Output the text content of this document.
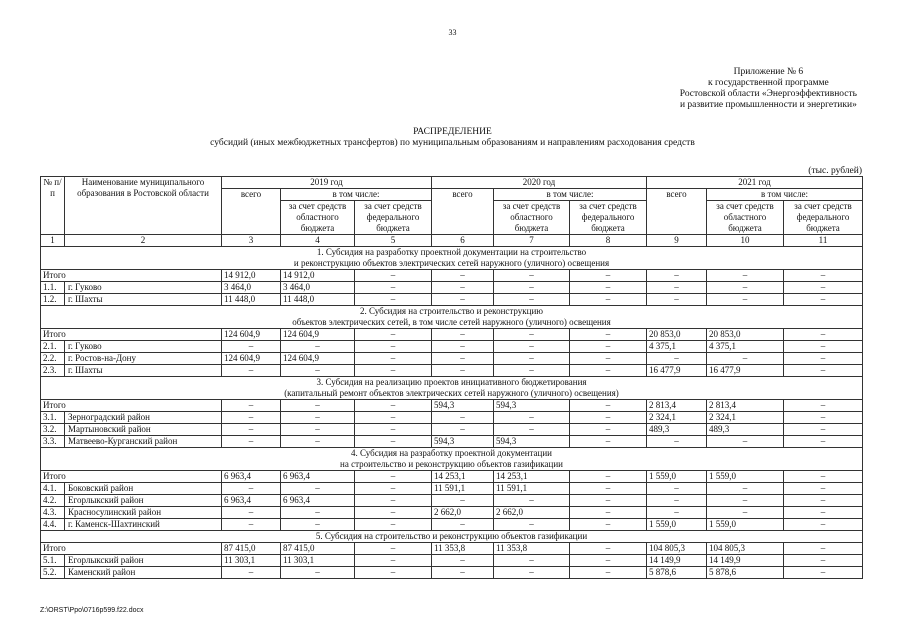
33
Приложение № 6
к государственной программе
Ростовской области «Энергоэффективность
и развитие промышленности и энергетики»
РАСПРЕДЕЛЕНИЕ
субсидий (иных межбюджетных трансфертов) по муниципальным образованиям и направлениям расходования средств
(тыс. рублей)
№ п/п	Наименование муниципального образования в Ростовской области	2019 год			2020 год			2021 год		
		всего	в том числе:		всего	в том числе:		всего	в том числе:	
			за счет средств областного бюджета	за счет средств федерального бюджета		за счет средств областного бюджета	за счет средств федерального бюджета		за счет средств областного бюджета	за счет средств федерального бюджета
1	2	3	4	5	6	7	8	9	10	11

1. Субсидия на разработку проектной документации на строительство
и реконструкцию объектов электрических сетей наружного (уличного) освещения										

Итого		14 912,0	14 912,0	–	–	–	–	–	–	–
1.1.	г. Гуково	3 464,0	3 464,0	–	–	–	–	–	–	–
1.2.	г. Шахты	11 448,0	11 448,0	–	–	–	–	–	–	–

2. Субсидия на строительство и реконструкцию
объектов электрических сетей, в том числе сетей наружного (уличного) освещения										

Итого		124 604,9	124 604,9	–	–	–	–	20 853,0	20 853,0	–
2.1.	г. Гуково	–	–	–	–	–	–	4 375,1	4 375,1	–
2.2.	г. Ростов-на-Дону	124 604,9	124 604,9	–	–	–	–	–	–	–
2.3.	г. Шахты	–	–	–	–	–	–	16 477,9	16 477,9	–

3. Субсидия на реализацию проектов инициативного бюджетирования
(капитальный ремонт объектов электрических сетей наружного (уличного) освещения)										

Итого		–	–	–	594,3	594,3	–	2 813,4	2 813,4	–
3.1.	Зерноградский район	–	–	–	–	–	–	2 324,1	2 324,1	–
3.2.	Мартыновский район	–	–	–	–	–	–	489,3	489,3	–
3.3.	Матвеево-Курганский район	–	–	–	594,3	594,3	–	–	–	–

4. Субсидия на разработку проектной документации
на строительство и реконструкцию объектов газификации										

Итого		6 963,4	6 963,4	–	14 253,1	14 253,1	–	1 559,0	1 559,0	–
4.1.	Боковский район	–	–	–	11 591,1	11 591,1	–	–	–	–
4.2.	Егорлыкский район	6 963,4	6 963,4	–	–	–	–	–	–	–
4.3.	Красносулинский район	–	–	–	2 662,0	2 662,0	–	–	–	–
4.4.	г. Каменск-Шахтинский	–	–	–	–	–	–	1 559,0	1 559,0	–

5. Субсидия на строительство и реконструкцию объектов газификации										

Итого		87 415,0	87 415,0	–	11 353,8	11 353,8	–	104 805,3	104 805,3	–
5.1.	Егорлыкский район	11 303,1	11 303,1	–	–	–	–	14 149,9	14 149,9	–
5.2.	Каменский район	–	–	–	–	–	–	5 878,6	5 878,6	–
Z:\ORST\Ppo\0716p599.f22.docx
